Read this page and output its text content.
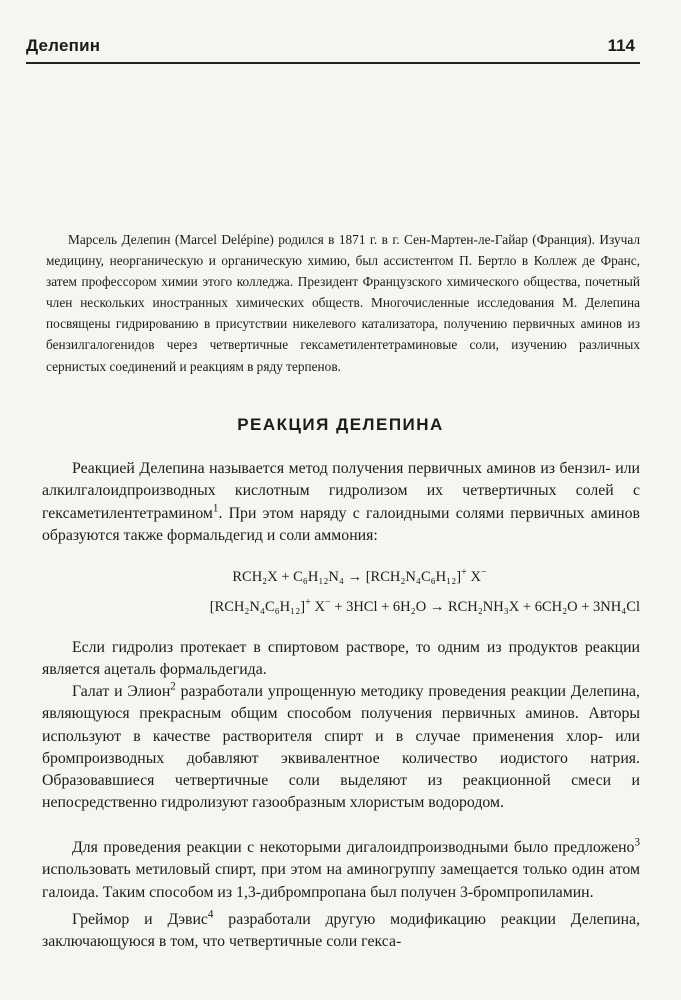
Делепин	114

Марсель Делепин (Marcel Delépine) родился в 1871 г. в г. Сен-Мартен-ле-Гайар (Франция). Изучал медицину, неорганическую и органическую химию, был ассистентом П. Бертло в Коллеж де Франс, затем профессором химии этого колледжа. Президент Французского химического общества, почетный член нескольких иностранных химических обществ. Многочисленные исследования М. Делепина посвящены гидрированию в присутствии никелевого катализатора, получению первичных аминов из бензилгалогенидов через четвертичные гексаметилентетраминовые соли, изучению различных сернистых соединений и реакциям в ряду терпенов.

РЕАКЦИЯ ДЕЛЕПИНА

Реакцией Делепина называется метод получения первичных аминов из бензил- или алкилгалоидпроизводных кислотным гидролизом их четвертичных солей с гексаметилентетрамином$^1$. При этом наряду с галоидными солями первичных аминов образуются также формальдегид и соли аммония:

RCH₂X + C₆H₁₂N₄ → [RCH₂N₄C₆H₁₂]+ X−
[RCH₂N₄C₆H₁₂]+ X− + 3HCl + 6H₂O → RCH₂NH₃X + 6CH₂O + 3NH₄Cl

Если гидролиз протекает в спиртовом растворе, то одним из продуктов реакции является ацеталь формальдегида.

Галат и Элион$^2$ разработали упрощенную методику проведения реакции Делепина, являющуюся прекрасным общим способом получения первичных аминов. Авторы используют в качестве растворителя спирт и в случае применения хлор- или бромпроизводных добавляют эквивалентное количество иодистого натрия. Образовавшиеся четвертичные соли выделяют из реакционной смеси и непосредственно гидролизуют газообразным хлористым водородом.

Для проведения реакции с некоторыми дигалоидпроизводными было предложено$^3$ использовать метиловый спирт, при этом на аминогруппу замещается только один атом галоида. Таким способом из 1,3-дибромпропана был получен 3-бромпропиламин.

Греймор и Дэвис$^4$ разработали другую модификацию реакции Делепина, заключающуюся в том, что четвертичные соли гекса-
